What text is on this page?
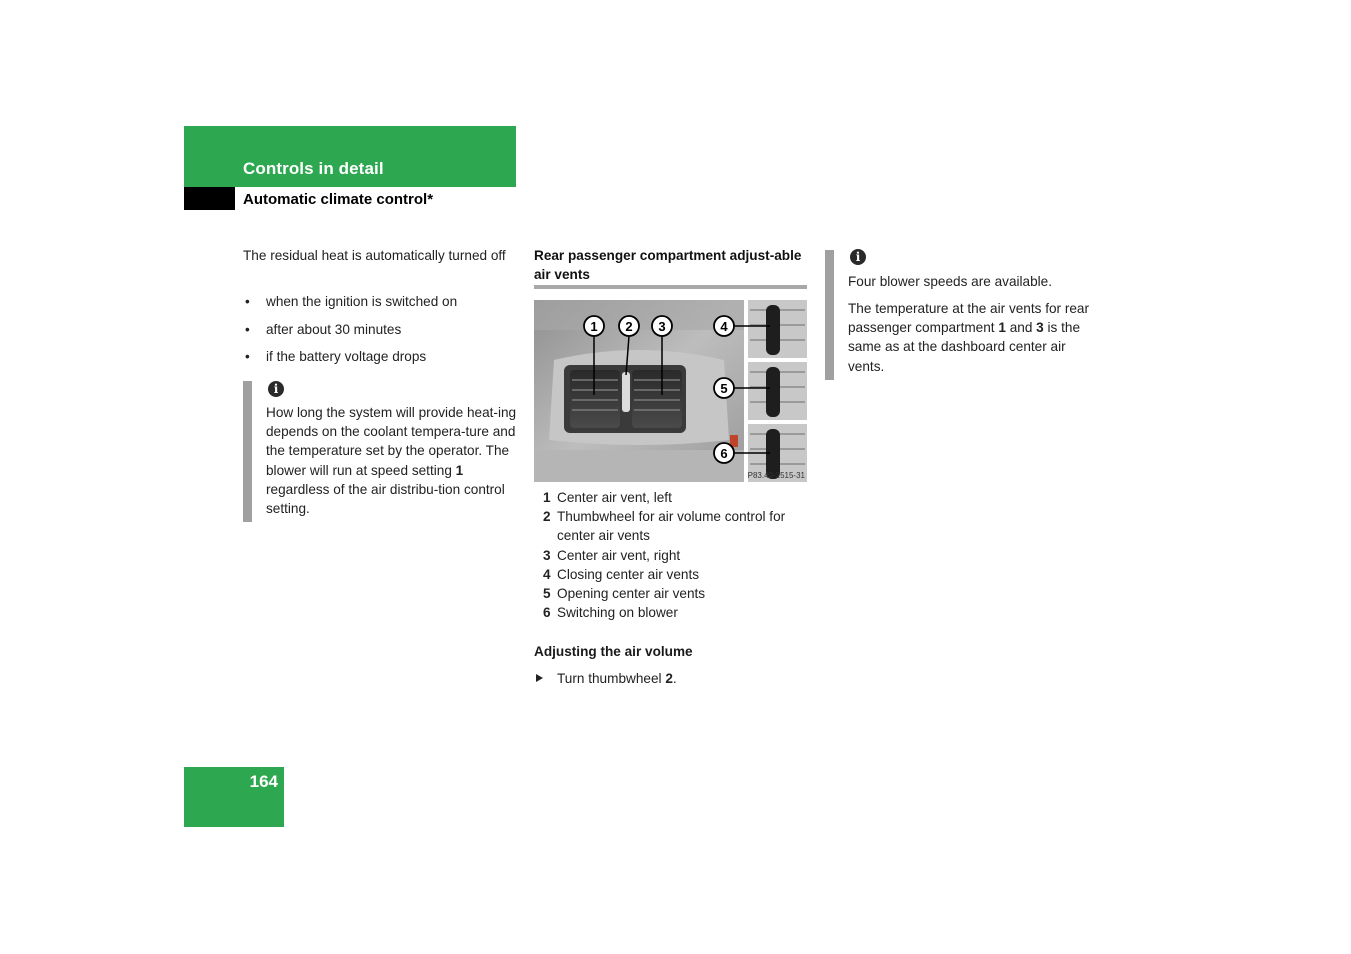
Controls in detail
Automatic climate control*
The residual heat is automatically turned off
• when the ignition is switched on
• after about 30 minutes
• if the battery voltage drops
i
How long the system will provide heat-ing depends on the coolant tempera-ture and the temperature set by the operator. The blower will run at speed setting 1 regardless of the air distribu-tion control setting.
Rear passenger compartment adjust-able air vents
1 2 3	4
5
6
P83.40-2515-31
1 Center air vent, left
2 Thumbwheel for air volume control for center air vents
3 Center air vent, right
4 Closing center air vents
5 Opening center air vents
6 Switching on blower
Adjusting the air volume
Turn thumbwheel 2.
i
Four blower speeds are available.
The temperature at the air vents for rear passenger compartment 1 and 3 is the same as at the dashboard center air vents.
164
